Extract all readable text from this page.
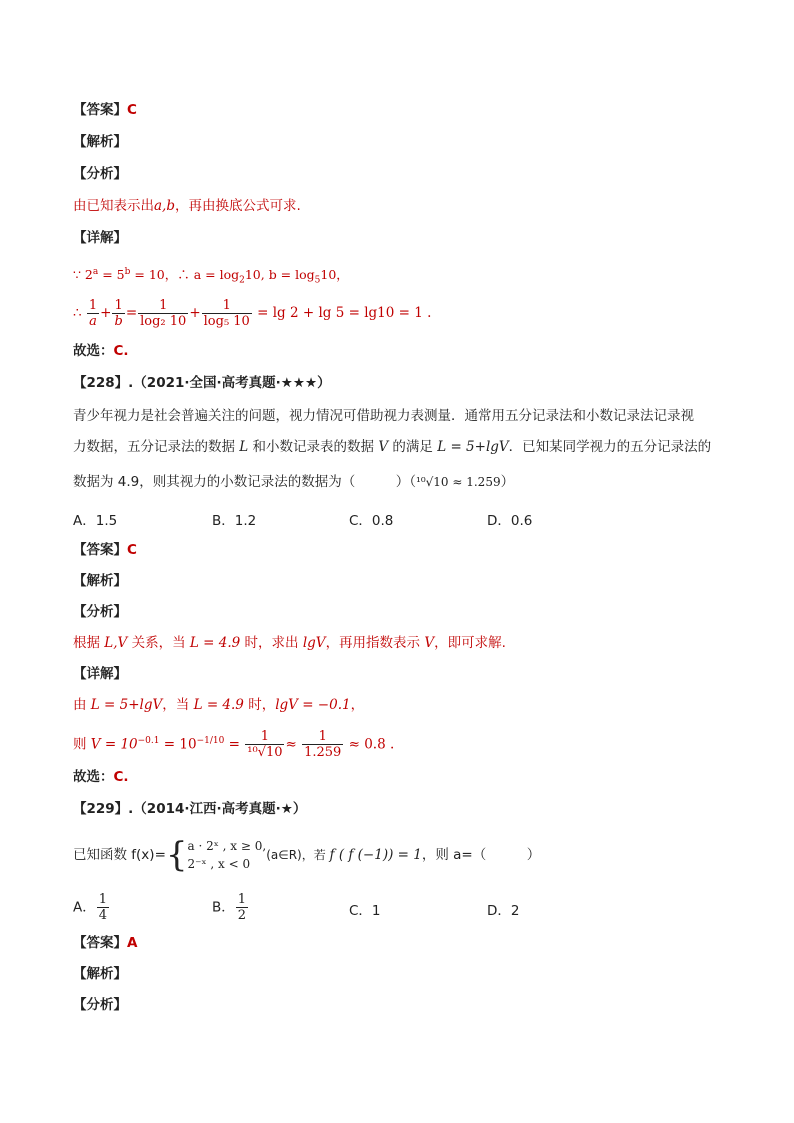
【答案】C
【解析】
【分析】
由已知表示出a,b，再由换底公式可求.
【详解】
∵ $2^a = 5^b = 10$，∴ $a = \log_210$, $b = \log_510$，
∴ $\frac{1}{a} + \frac{1}{b} = \frac{1}{\text{log₂ 10}} + \frac{1}{\text{log₅ 10}} = \lg 2 + \lg 5 = \lg 10 = 1$ .
故选：C.
【228】.（2021·全国·高考真题·★★★）
青少年视力是社会普遍关注的问题，视力情况可借助视力表测量．通常用五分记录法和小数记录法记录视
力数据，五分记录法的数据 L 和小数记录表的数据 V 的满足 L = 5+lgV．已知某同学视力的五分记录法的
数据为 4.9，则其视力的小数记录法的数据为（　　　）（¹⁰√10 ≈ 1.259）
A．1.5	B．1.2	C．0.8	D．0.6
【答案】C
【解析】
【分析】
根据 L,V 关系，当 L = 4.9 时，求出 lgV，再用指数表示 V，即可求解.
【详解】
由 L = 5+lgV，当 L = 4.9 时，lgV = −0.1，
则 $V = 10^{-0.1} = 10^{-1/10} = \frac{1}{\text{¹⁰√10}} \approx \frac{1}{1.259} \approx 0.8$ .
故选：C.
【229】.（2014·江西·高考真题·★）
已知函数 f(x)={ a · 2ˣ , x ≥ 0,
2⁻ˣ , x < 0
(a∈R)，若 f ( f (−1)) = 1，则 a=（　　　）
A． $\frac{1}{4}$	B． $\frac{1}{2}$	C．1	D．2
【答案】A
【解析】
【分析】
